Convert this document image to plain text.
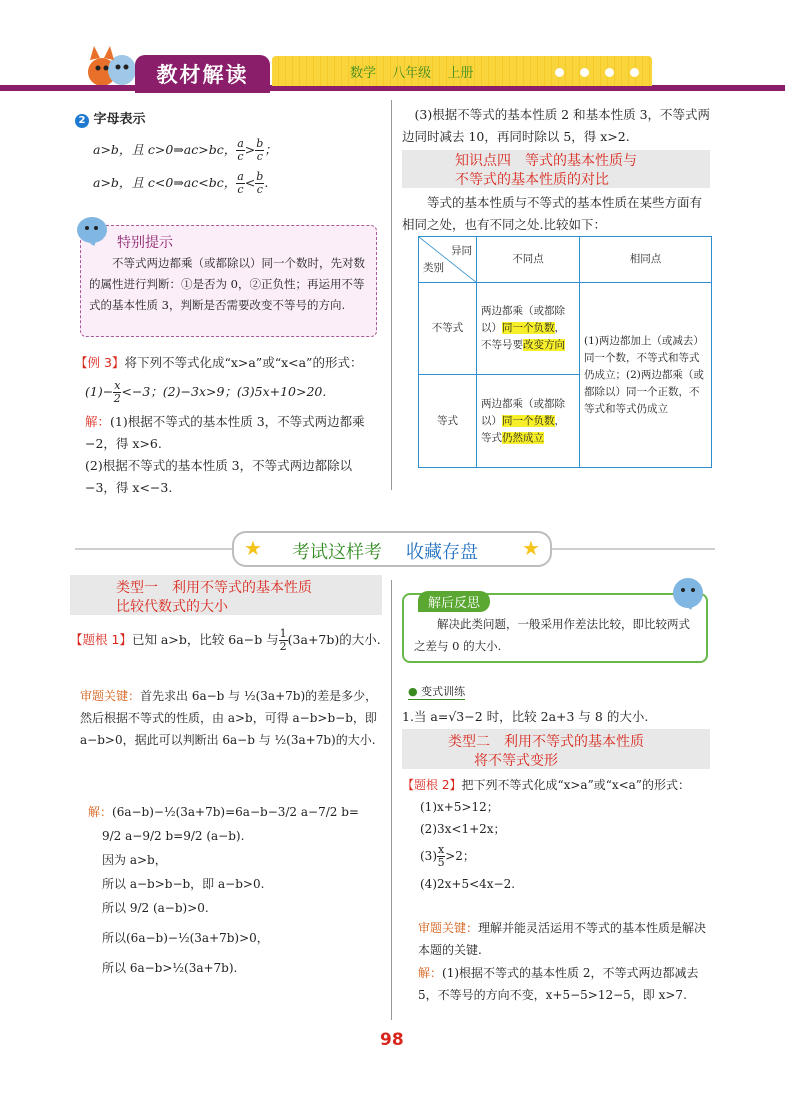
教材解读	数学 八年级 上册
2 字母表示
a>b，且 c>0⇒ac>bc， $\frac{a}{c} > \frac{b}{c}$ ；
a>b，且 c<0⇒ac<bc， $\frac{a}{c} < \frac{b}{c}$ .
特别提示
不等式两边都乘（或都除以）同一个数时，先对数的属性进行判断：①是否为 0，②正负性；再运用不等式的基本性质 3，判断是否需要改变不等号的方向.
【例 3】将下列不等式化成“x>a”或“x<a”的形式：
$(1)- \frac{x}{2} <-3$；(2)−3x>9；(3)5x+10>20.
解：(1)根据不等式的基本性质 3，不等式两边都乘 −2，得 x>6.
(2)根据不等式的基本性质 3，不等式两边都除以 −3，得 x<−3.
(3)根据不等式的基本性质 2 和基本性质 3，不等式两边同时减去 10，再同时除以 5，得 x>2.
知识点四　等式的基本性质与
不等式的基本性质的对比
等式的基本性质与不等式的基本性质在某些方面有相同之处，也有不同之处.比较如下：
异同
类别	不同点	相同点
不等式	两边都乘（或都除以）同一个负数，不等号要改变方向	(1)两边都加上（或减去）同一个数，不等式和等式仍成立；(2)两边都乘（或都除以）同一个正数，不等式和等式仍成立
等式	两边都乘（或都除以）同一个负数，等式仍然成立	
★ 考试这样考 收藏存盘 ★
类型一　利用不等式的基本性质
比较代数式的大小
【题根 1】已知 a>b，比较 6a−b 与 $\frac{1}{2} (3a+7b)$的大小.
审题关键：首先求出 6a−b 与 ½(3a+7b)的差是多少，然后根据不等式的性质，由 a>b，可得 a−b>b−b，即 a−b>0，据此可以判断出 6a−b 与 ½(3a+7b)的大小.
解：(6a−b)−½(3a+7b)=6a−b−3/2 a−7/2 b=
9/2 a−9/2 b=9/2 (a−b).
因为 a>b，
所以 a−b>b−b，即 a−b>0.
所以 9/2 (a−b)>0.
所以(6a−b)−½(3a+7b)>0，
所以 6a−b>½(3a+7b).
解后反思
解决此类问题，一般采用作差法比较，即比较两式之差与 0 的大小.
● 变式训练
1.当 a=√3−2 时，比较 2a+3 与 8 的大小.
类型二　利用不等式的基本性质
将不等式变形
【题根 2】把下列不等式化成“x>a”或“x<a”的形式：
(1)x+5>12；
(2)3x<1+2x；
$(3) \frac{x}{5} >2$；
(4)2x+5<4x−2.
审题关键：理解并能灵活运用不等式的基本性质是解决本题的关键.
解：(1)根据不等式的基本性质 2，不等式两边都减去 5，不等号的方向不变，x+5−5>12−5，即 x>7.
98
